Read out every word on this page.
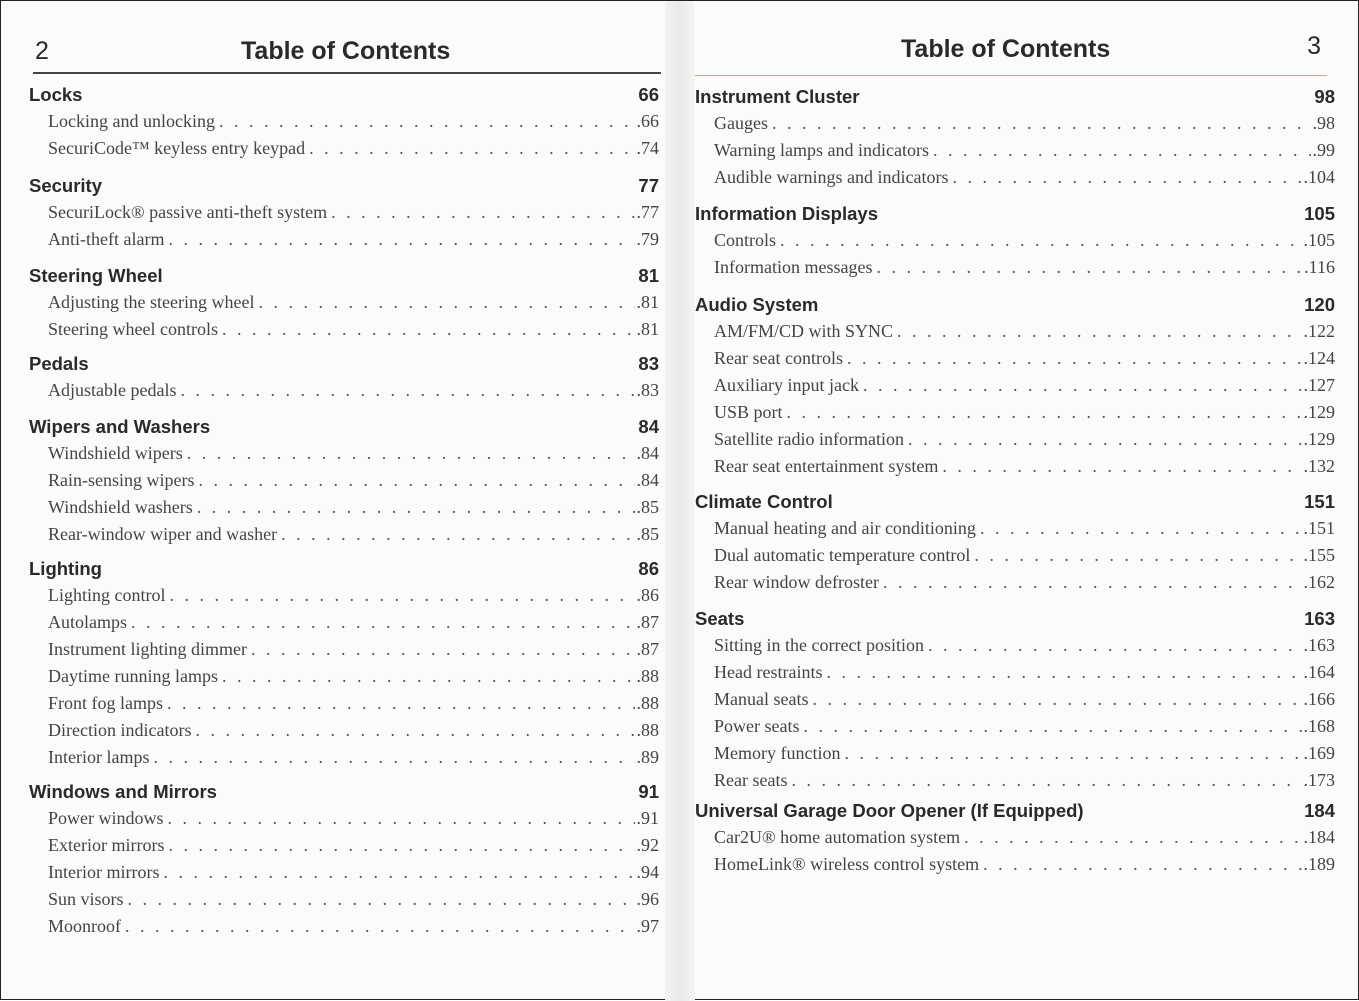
2	Table of Contents
Locks	66
Locking and unlocking . . .	.66
SecuriCode™ keyless entry keypad . . .	.74
Security	77
SecuriLock® passive anti-theft system . . .	.77
Anti-theft alarm . . .	.79
Steering Wheel	81
Adjusting the steering wheel . . .	.81
Steering wheel controls . . .	.81
Pedals	83
Adjustable pedals . . .	.83
Wipers and Washers	84
Windshield wipers . . .	.84
Rain-sensing wipers . . .	.84
Windshield washers . . .	.85
Rear-window wiper and washer . . .	.85
Lighting	86
Lighting control . . .	.86
Autolamps . . .	.87
Instrument lighting dimmer . . .	.87
Daytime running lamps . . .	.88
Front fog lamps . . .	.88
Direction indicators . . .	.88
Interior lamps . . .	.89
Windows and Mirrors	91
Power windows . . .	.91
Exterior mirrors . . .	.92
Interior mirrors . . .	.94
Sun visors . . .	.96
Moonroof . . .	.97
Table of Contents	3
Instrument Cluster	98
Gauges . . .	.98
Warning lamps and indicators . . .	.99
Audible warnings and indicators . . .	.104
Information Displays	105
Controls . . .	.105
Information messages . . .	.116
Audio System	120
AM/FM/CD with SYNC . . .	.122
Rear seat controls . . .	.124
Auxiliary input jack . . .	.127
USB port . . .	.129
Satellite radio information . . .	.129
Rear seat entertainment system . . .	.132
Climate Control	151
Manual heating and air conditioning . . .	.151
Dual automatic temperature control . . .	.155
Rear window defroster . . .	.162
Seats	163
Sitting in the correct position . . .	.163
Head restraints . . .	.164
Manual seats . . .	.166
Power seats . . .	.168
Memory function . . .	.169
Rear seats . . .	.173
Universal Garage Door Opener (If Equipped)	184
Car2U® home automation system . . .	.184
HomeLink® wireless control system . . .	.189
